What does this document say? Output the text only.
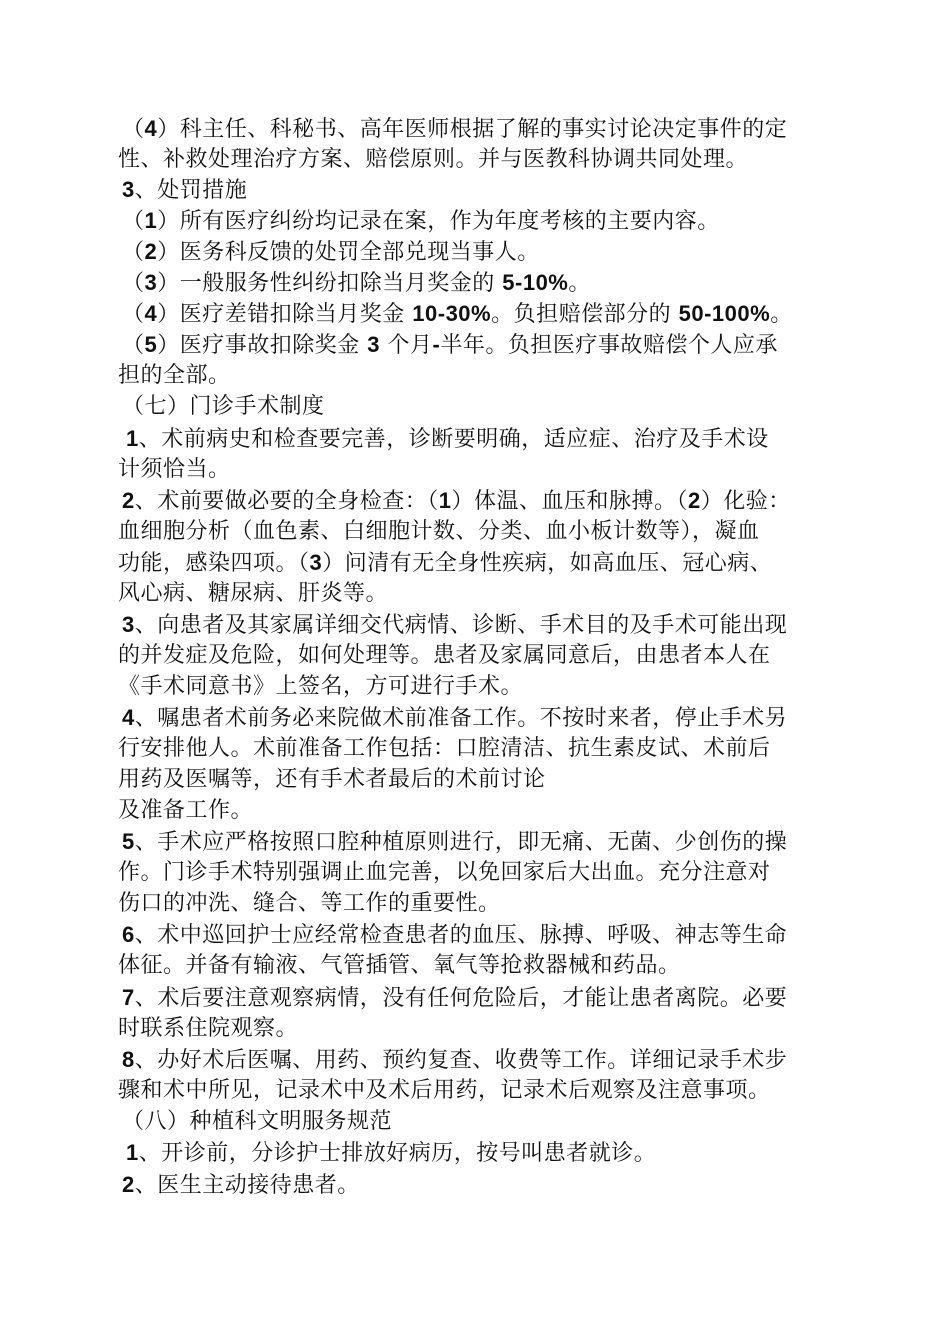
（4）科主任、科秘书、高年医师根据了解的事实讨论决定事件的定
性、补救处理治疗方案、赔偿原则。并与医教科协调共同处理。
3、处罚措施
（1）所有医疗纠纷均记录在案，作为年度考核的主要内容。
（2）医务科反馈的处罚全部兑现当事人。
（3）一般服务性纠纷扣除当月奖金的 5-10%。
（4）医疗差错扣除当月奖金 10-30%。负担赔偿部分的 50-100%。
（5）医疗事故扣除奖金 3 个月-半年。负担医疗事故赔偿个人应承
担的全部。
（七）门诊手术制度
1、术前病史和检查要完善，诊断要明确，适应症、治疗及手术设
计须恰当。
2、术前要做必要的全身检查：（1）体温、血压和脉搏。（2）化验：
血细胞分析（血色素、白细胞计数、分类、血小板计数等），凝血
功能，感染四项。（3）问清有无全身性疾病，如高血压、冠心病、
风心病、糖尿病、肝炎等。
3、向患者及其家属详细交代病情、诊断、手术目的及手术可能出现
的并发症及危险，如何处理等。患者及家属同意后，由患者本人在
《手术同意书》上签名，方可进行手术。
4、嘱患者术前务必来院做术前准备工作。不按时来者，停止手术另
行安排他人。术前准备工作包括：口腔清洁、抗生素皮试、术前后
用药及医嘱等，还有手术者最后的术前讨论
及准备工作。
5、手术应严格按照口腔种植原则进行，即无痛、无菌、少创伤的操
作。门诊手术特别强调止血完善，以免回家后大出血。充分注意对
伤口的冲洗、缝合、等工作的重要性。
6、术中巡回护士应经常检查患者的血压、脉搏、呼吸、神志等生命
体征。并备有输液、气管插管、氧气等抢救器械和药品。
7、术后要注意观察病情，没有任何危险后，才能让患者离院。必要
时联系住院观察。
8、办好术后医嘱、用药、预约复查、收费等工作。详细记录手术步
骤和术中所见，记录术中及术后用药，记录术后观察及注意事项。
（八）种植科文明服务规范
1、开诊前，分诊护士排放好病历，按号叫患者就诊。
2、医生主动接待患者。
